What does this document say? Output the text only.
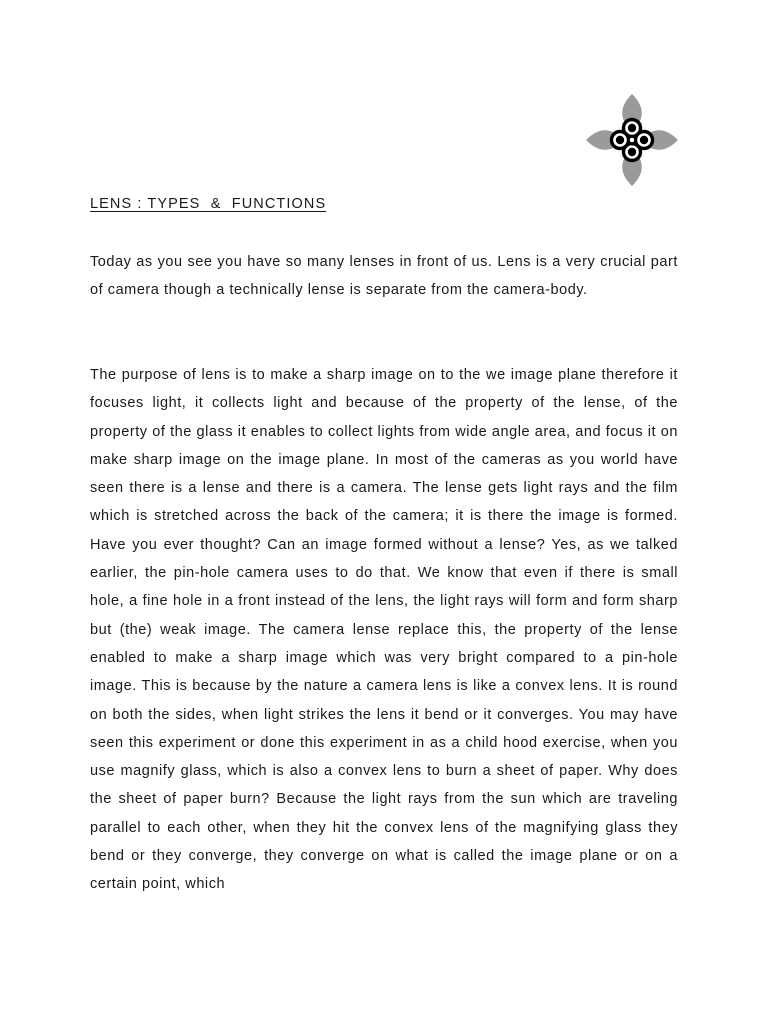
LENS : TYPES  &  FUNCTIONS

Today as you see you have so many lenses in front of us. Lens is a very crucial part of camera though a technically lense is separate from the camera-body.

The purpose of lens is to make a sharp image on to the we image plane therefore it focuses light, it collects light and because of the property of the lense, of the property of the glass it enables to collect lights from wide angle area, and focus it on make sharp image on the image plane. In most of the cameras as you world have seen there is a lense and there is a camera. The lense gets light rays and the film which is stretched across the back of the camera; it is there the image is formed. Have you ever thought? Can an image formed without a lense? Yes, as we talked earlier, the pin-hole camera uses to do that. We know that even if there is small hole, a fine hole in a front instead of the lens, the light rays will form and form sharp but (the) weak image. The camera lense replace this, the property of the lense enabled to make a sharp image which was very bright compared to a pin-hole image. This is because by the nature a camera lens is like a convex lens. It is round on both the sides, when light strikes the lens it bend or it converges. You may have seen this experiment or done this experiment in as a child hood exercise, when you use magnify glass, which is also a convex lens to burn a sheet of paper. Why does the sheet of paper burn? Because the light rays from the sun which are traveling parallel to each other, when they hit the convex lens of the magnifying glass they bend or they converge, they converge on what is called the image plane or on a certain point, which
